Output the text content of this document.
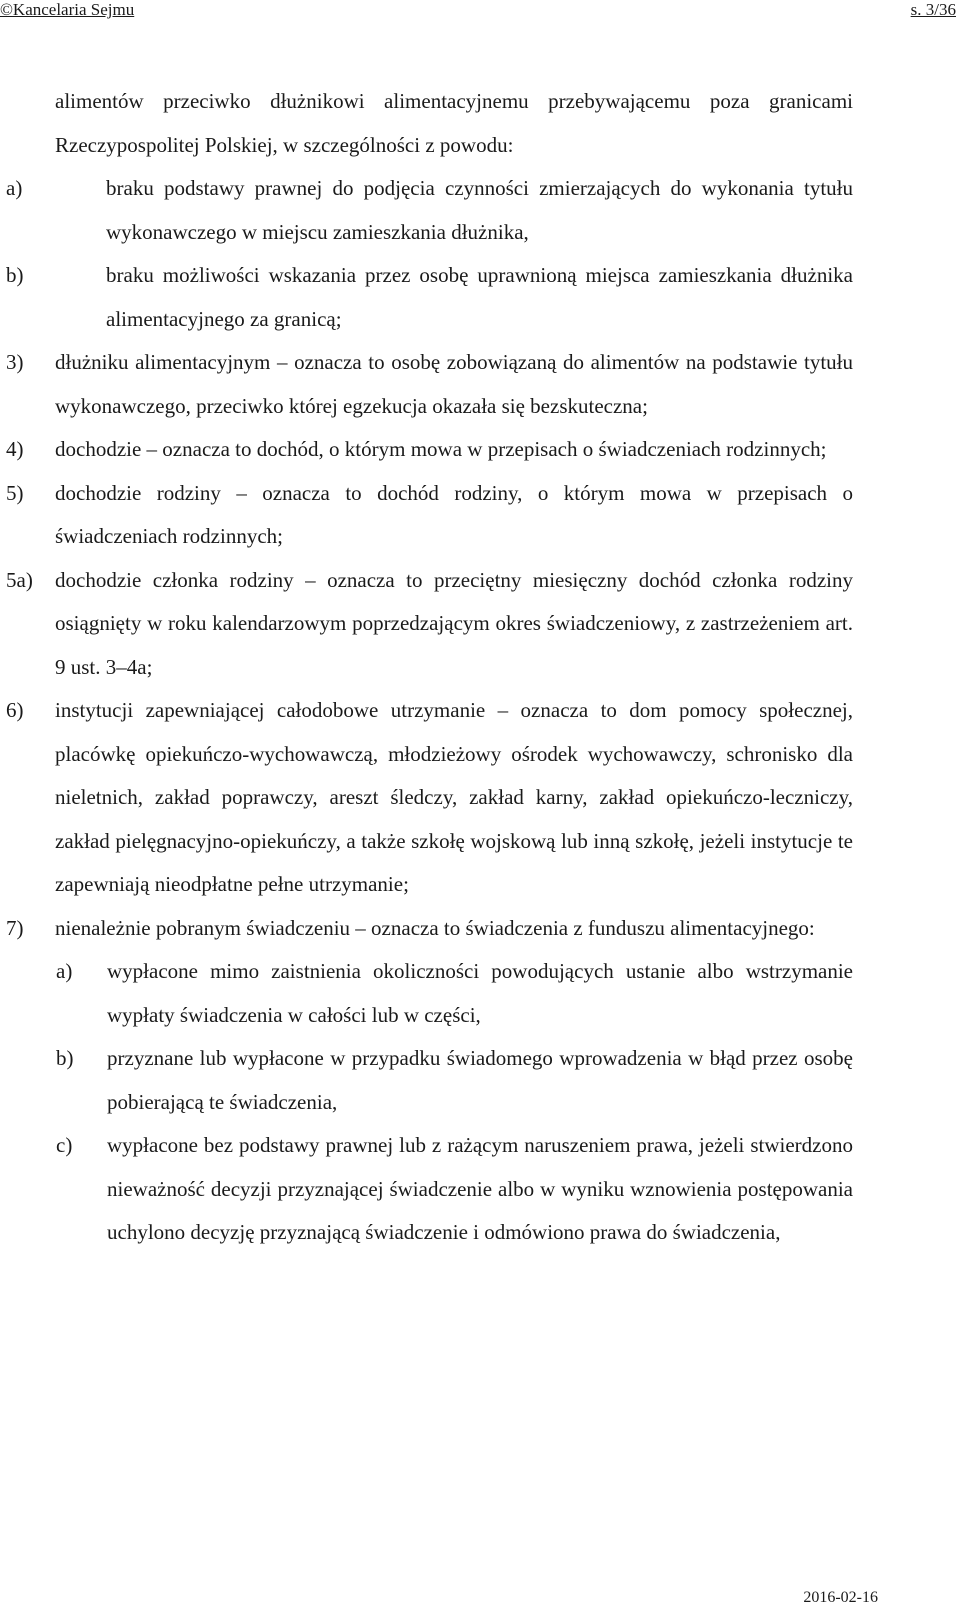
©Kancelaria Sejmu	s. 3/36
alimentów przeciwko dłużnikowi alimentacyjnemu przebywającemu poza granicami Rzeczypospolitej Polskiej, w szczególności z powodu:
a)	braku podstawy prawnej do podjęcia czynności zmierzających do wykonania tytułu wykonawczego w miejscu zamieszkania dłużnika,
b)	braku możliwości wskazania przez osobę uprawnioną miejsca zamieszkania dłużnika alimentacyjnego za granicą;
3) dłużniku alimentacyjnym – oznacza to osobę zobowiązaną do alimentów na podstawie tytułu wykonawczego, przeciwko której egzekucja okazała się bezskuteczna;
4) dochodzie – oznacza to dochód, o którym mowa w przepisach o świadczeniach rodzinnych;
5) dochodzie rodziny – oznacza to dochód rodziny, o którym mowa w przepisach o świadczeniach rodzinnych;
5a) dochodzie członka rodziny – oznacza to przeciętny miesięczny dochód członka rodziny osiągnięty w roku kalendarzowym poprzedzającym okres świadczeniowy, z zastrzeżeniem art. 9 ust. 3–4a;
6) instytucji zapewniającej całodobowe utrzymanie – oznacza to dom pomocy społecznej, placówkę opiekuńczo-wychowawczą, młodzieżowy ośrodek wychowawczy, schronisko dla nieletnich, zakład poprawczy, areszt śledczy, zakład karny, zakład opiekuńczo-leczniczy, zakład pielęgnacyjno-opiekuńczy, a także szkołę wojskową lub inną szkołę, jeżeli instytucje te zapewniają nieodpłatne pełne utrzymanie;
7) nienależnie pobranym świadczeniu – oznacza to świadczenia z funduszu alimentacyjnego:
a) wypłacone mimo zaistnienia okoliczności powodujących ustanie albo wstrzymanie wypłaty świadczenia w całości lub w części,
b) przyznane lub wypłacone w przypadku świadomego wprowadzenia w błąd przez osobę pobierającą te świadczenia,
c) wypłacone bez podstawy prawnej lub z rażącym naruszeniem prawa, jeżeli stwierdzono nieważność decyzji przyznającej świadczenie albo w wyniku wznowienia postępowania uchylono decyzję przyznającą świadczenie i odmówiono prawa do świadczenia,
2016-02-16
